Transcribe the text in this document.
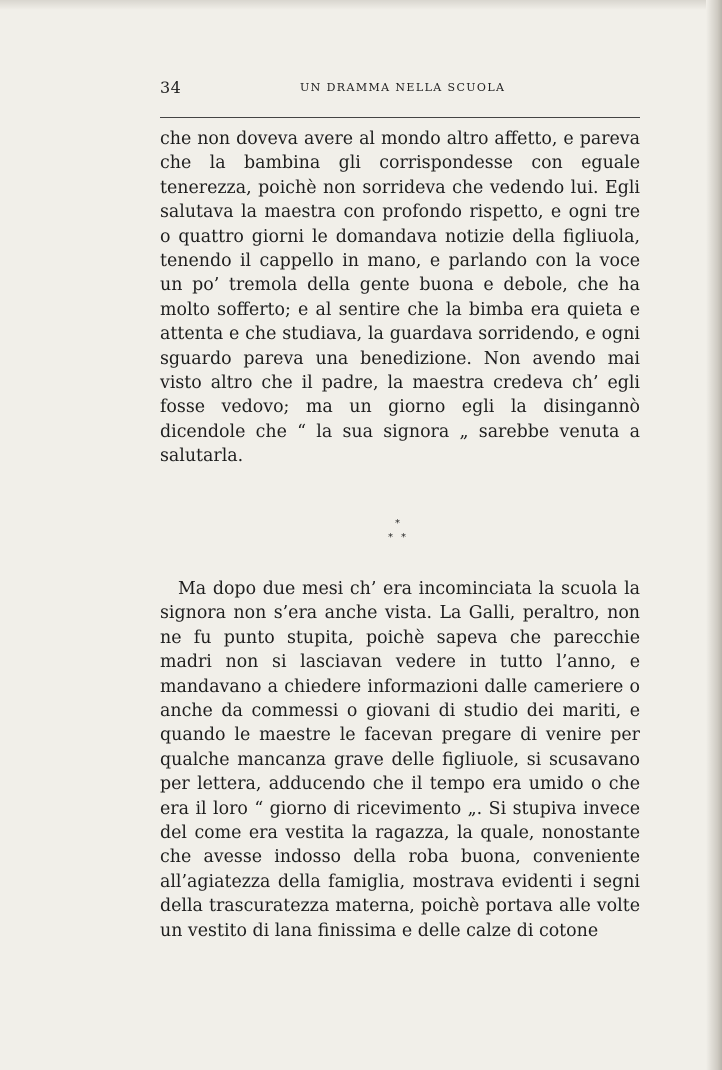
34	UN DRAMMA NELLA SCUOLA

che non doveva avere al mondo altro affetto, e pareva che la bambina gli corrispondesse con eguale tenerezza, poichè non sorrideva che vedendo lui. Egli salutava la maestra con profondo rispetto, e ogni tre o quattro giorni le domandava notizie della figliuola, tenendo il cappello in mano, e parlando con la voce un po’ tremola della gente buona e debole, che ha molto sofferto; e al sentire che la bimba era quieta e attenta e che studiava, la guardava sorridendo, e ogni sguardo pareva una benedizione. Non avendo mai visto altro che il padre, la maestra credeva ch’ egli fosse vedovo; ma un giorno egli la disingannò dicendole che “ la sua signora „ sarebbe venuta a salutarla.

*
* *

Ma dopo due mesi ch’ era incominciata la scuola la signora non s’era anche vista. La Galli, peraltro, non ne fu punto stupita, poichè sapeva che parecchie madri non si lasciavan vedere in tutto l’anno, e mandavano a chiedere informazioni dalle cameriere o anche da commessi o giovani di studio dei mariti, e quando le maestre le facevan pregare di venire per qualche mancanza grave delle figliuole, si scusavano per lettera, adducendo che il tempo era umido o che era il loro “ giorno di ricevimento „. Si stupiva invece del come era vestita la ragazza, la quale, nonostante che avesse indosso della roba buona, conveniente all’agiatezza della famiglia, mostrava evidenti i segni della trascuratezza materna, poichè portava alle volte un vestito di lana finissima e delle calze di cotone
